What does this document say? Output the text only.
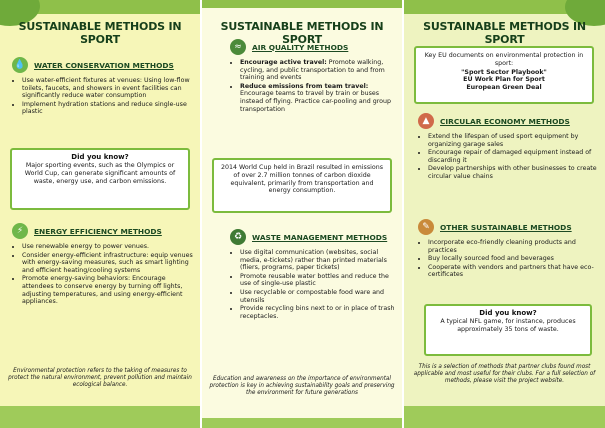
SUSTAINABLE METHODS IN SPORT
💧	WATER CONSERVATION METHODS
• Use water-efficient fixtures at venues: Using low-flow toilets, faucets, and showers in event facilities can significantly reduce water consumption
• Implement hydration stations and reduce single-use plastic
Did you know?
Major sporting events, such as the Olympics or World Cup, can generate significant amounts of waste, energy use, and carbon emissions.
⚡	ENERGY EFFICIENCY METHODS
• Use renewable energy to power venues.
• Consider energy-efficient infrastructure: equip venues with energy-saving measures, such as smart lighting and efficient heating/cooling systems
• Promote energy-saving behaviors: Encourage attendees to conserve energy by turning off lights, adjusting temperatures, and using energy-efficient appliances.
Environmental protection refers to the taking of measures to protect the natural environment, prevent pollution and maintain ecological balance.
SUSTAINABLE METHODS IN SPORT
≈	AIR QUALITY METHODS
• Encourage active travel: Promote walking, cycling, and public transportation to and from training and events
• Reduce emissions from team travel: Encourage teams to travel by train or buses instead of flying. Practice car-pooling and group transportation
2014 World Cup held in Brazil resulted in emissions of over 2.7 million tonnes of carbon dioxide equivalent, primarily from transportation and energy consumption.
♻	WASTE MANAGEMENT METHODS
• Use digital communication (websites, social media, e-tickets) rather than printed materials (fliers, programs, paper tickets)
• Promote reusable water bottles and reduce the use of single-use plastic
• Use recyclable or compostable food ware and utensils
• Provide recycling bins next to or in place of trash receptacles.
Education and awareness on the importance of environmental protection is key in achieving sustainability goals and preserving the environment for future generations
SUSTAINABLE METHODS IN SPORT
Key EU documents on environmental protection in sport:
"Sport Sector Playbook"
EU Work Plan for Sport
European Green Deal
▲	CIRCULAR ECONOMY METHODS
• Extend the lifespan of used sport equipment by organizing garage sales
• Encourage repair of damaged equipment instead of discarding it
• Develop partnerships with other businesses to create circular value chains
✎	OTHER SUSTAINABLE METHODS
• Incorporate eco-friendly cleaning products and practices
• Buy locally sourced food and beverages
• Cooperate with vendors and partners that have eco-certificates
Did you know?
A typical NFL game, for instance, produces approximately 35 tons of waste.
This is a selection of methods that partner clubs found most applicable and most useful for their clubs. For a full selection of methods, please visit the project website.
